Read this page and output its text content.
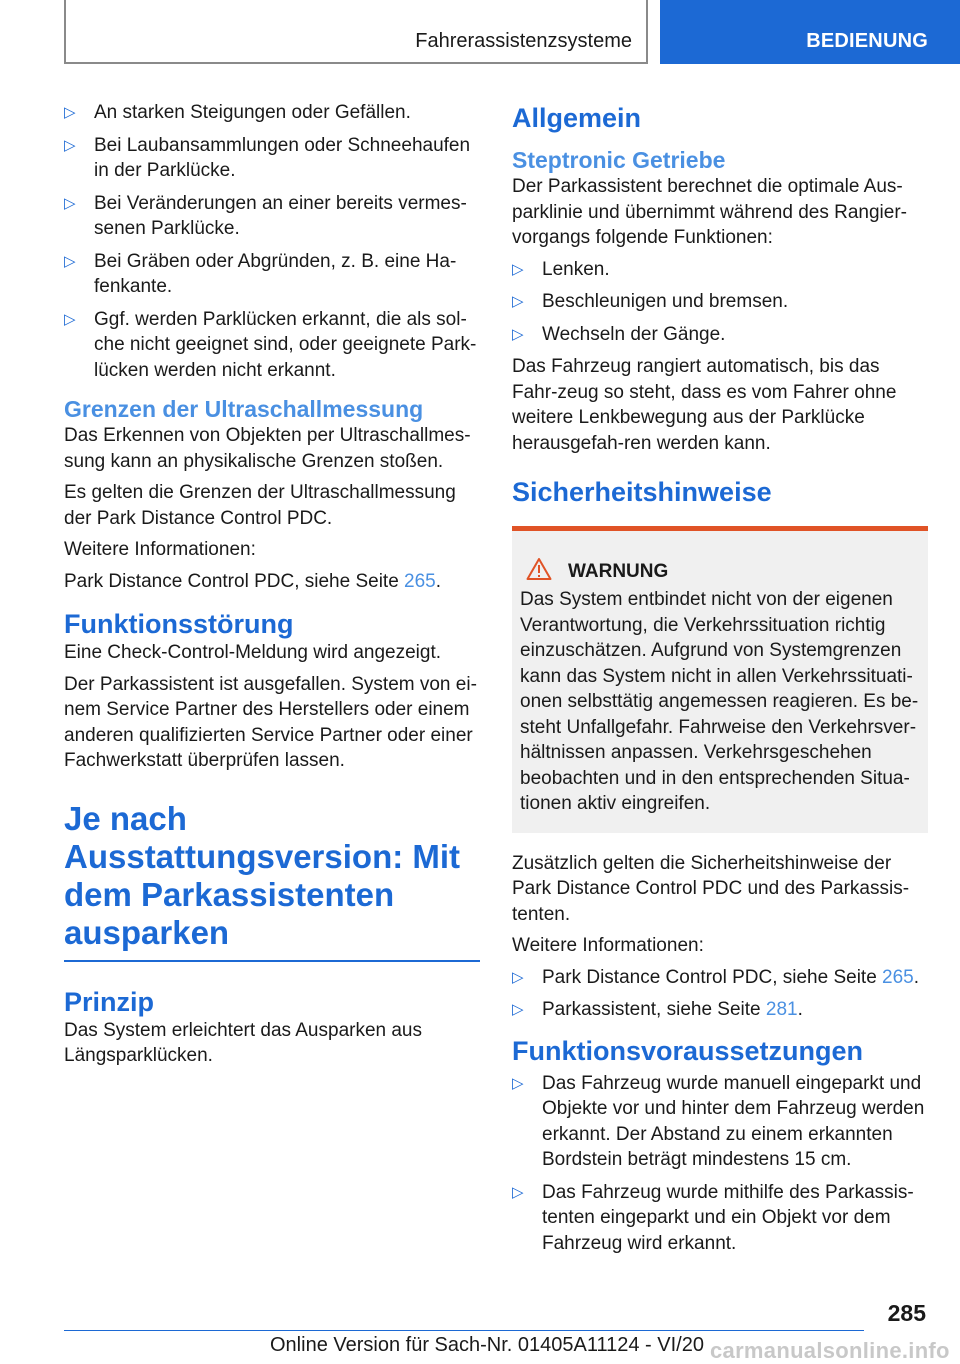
Fahrerassistenzsysteme	BEDIENUNG
▷ An starken Steigungen oder Gefällen.
▷ Bei Laubansammlungen oder Schneehaufen in der Parklücke.
▷ Bei Veränderungen an einer bereits vermes-senen Parklücke.
▷ Bei Gräben oder Abgründen, z. B. eine Ha-fenkante.
▷ Ggf. werden Parklücken erkannt, die als sol-che nicht geeignet sind, oder geeignete Park-lücken werden nicht erkannt.
Grenzen der Ultraschallmessung

Das Erkennen von Objekten per Ultraschallmes-sung kann an physikalische Grenzen stoßen.

Es gelten die Grenzen der Ultraschallmessung der Park Distance Control PDC.

Weitere Informationen:

Park Distance Control PDC, siehe Seite 265.

Funktionsstörung

Eine Check-Control-Meldung wird angezeigt.

Der Parkassistent ist ausgefallen. System von ei-nem Service Partner des Herstellers oder einem anderen qualifizierten Service Partner oder einer Fachwerkstatt überprüfen lassen.

Je nach Ausstattungsversion: Mit dem Parkassistenten ausparken
Prinzip

Das System erleichtert das Ausparken aus Längsparklücken.

Allgemein
Steptronic Getriebe

Der Parkassistent berechnet die optimale Aus-parklinie und übernimmt während des Rangier-vorgangs folgende Funktionen:

▷ Lenken.
▷ Beschleunigen und bremsen.
▷ Wechseln der Gänge.

Das Fahrzeug rangiert automatisch, bis das Fahr-zeug so steht, dass es vom Fahrer ohne weitere Lenkbewegung aus der Parklücke herausgefah-ren werden kann.

Sicherheitshinweise
WARNUNG
Das System entbindet nicht von der eigenen Verantwortung, die Verkehrssituation richtig einzuschätzen. Aufgrund von Systemgrenzen kann das System nicht in allen Verkehrssituati-onen selbsttätig angemessen reagieren. Es be-steht Unfallgefahr. Fahrweise den Verkehrsver-hältnissen anpassen. Verkehrsgeschehen beobachten und in den entsprechenden Situa-tionen aktiv eingreifen.

Zusätzlich gelten die Sicherheitshinweise der Park Distance Control PDC und des Parkassis-tenten.

Weitere Informationen:

▷ Park Distance Control PDC, siehe Seite 265.
▷ Parkassistent, siehe Seite 281.
Funktionsvoraussetzungen
▷ Das Fahrzeug wurde manuell eingeparkt und Objekte vor und hinter dem Fahrzeug werden erkannt. Der Abstand zu einem erkannten Bordstein beträgt mindestens 15 cm.
▷ Das Fahrzeug wurde mithilfe des Parkassis-tenten eingeparkt und ein Objekt vor dem Fahrzeug wird erkannt.
285
Online Version für Sach-Nr. 01405A11124 - VI/20 carmanualsonline.info
